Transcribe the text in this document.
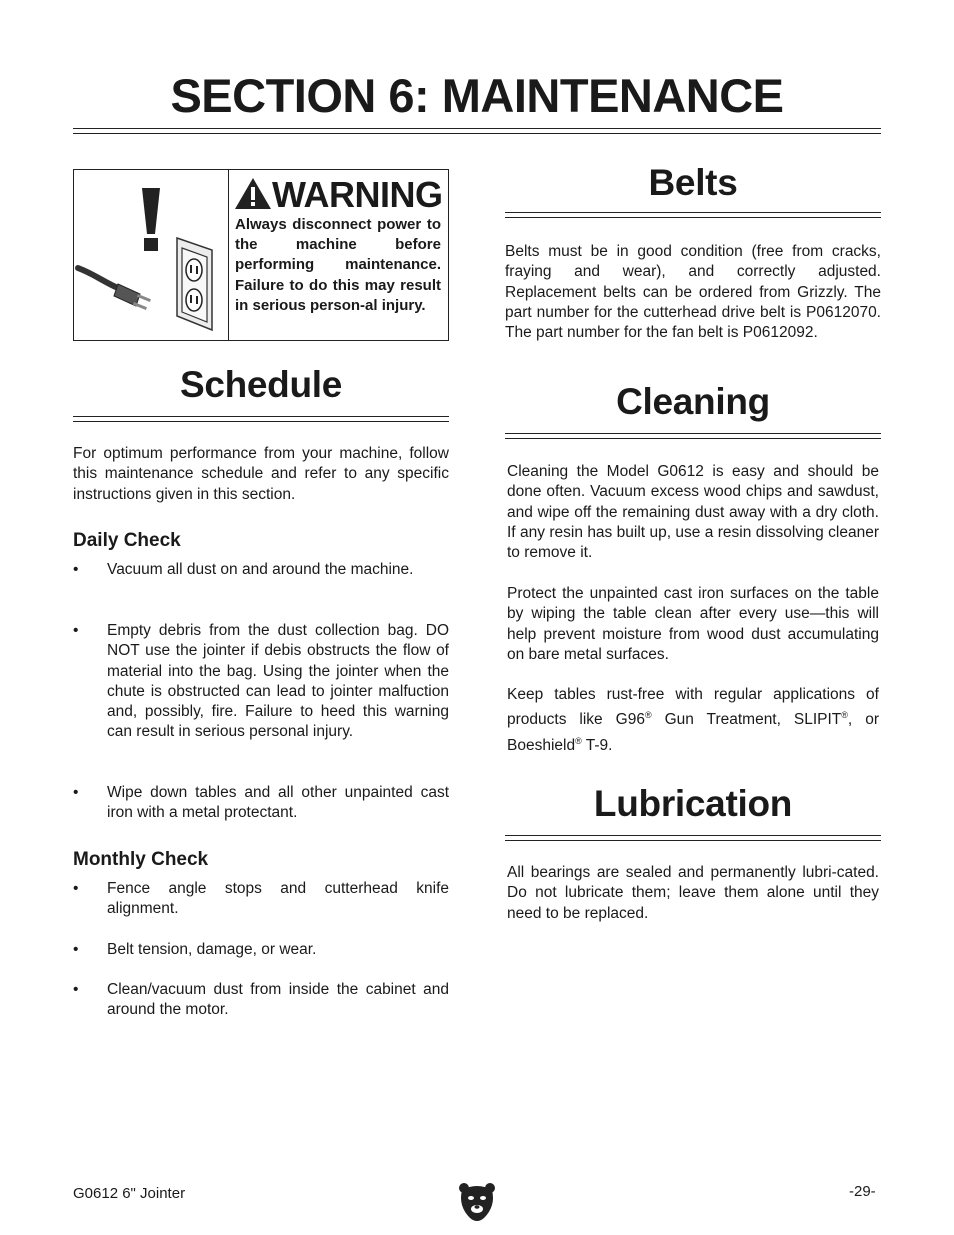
SECTION 6: MAINTENANCE
WARNING
Always disconnect power to the machine before performing maintenance. Failure to do this may result in serious person-al injury.
Schedule
For optimum performance from your machine, follow this maintenance schedule and refer to any specific instructions given in this section.
Daily Check
• Vacuum all dust on and around the machine.
• Empty debris from the dust collection bag. DO NOT use the jointer if debis obstructs the flow of material into the bag. Using the jointer when the chute is obstructed can lead to jointer malfuction and, possibly, fire. Failure to heed this warning can result in serious personal injury.
• Wipe down tables and all other unpainted cast iron with a metal protectant.
Monthly Check
• Fence angle stops and cutterhead knife alignment.
• Belt tension, damage, or wear.
• Clean/vacuum dust from inside the cabinet and around the motor.
Belts
Belts must be in good condition (free from cracks, fraying and wear), and correctly adjusted. Replacement belts can be ordered from Grizzly. The part number for the cutterhead drive belt is P0612070. The part number for the fan belt is P0612092.
Cleaning
Cleaning the Model G0612 is easy and should be done often. Vacuum excess wood chips and sawdust, and wipe off the remaining dust away with a dry cloth. If any resin has built up, use a resin dissolving cleaner to remove it.
Protect the unpainted cast iron surfaces on the table by wiping the table clean after every use—this will help prevent moisture from wood dust accumulating on bare metal surfaces.
Keep tables rust-free with regular applications of products like G96® Gun Treatment, SLIPIT®, or Boeshield® T-9.
Lubrication
All bearings are sealed and permanently lubri-cated. Do not lubricate them; leave them alone until they need to be replaced.
G0612 6" Jointer	-29-
